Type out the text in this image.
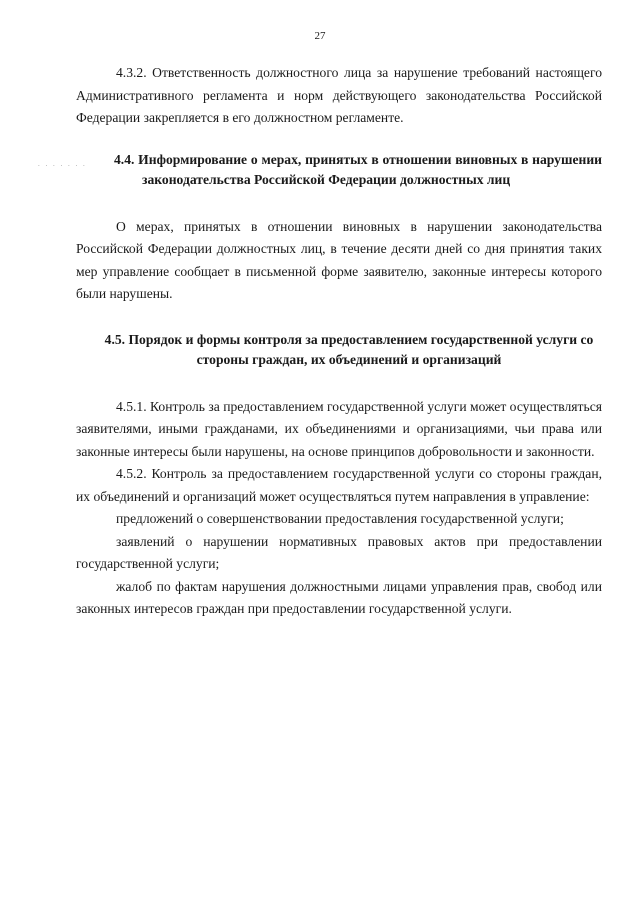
27
. . . . . . .

4.3.2. Ответственность должностного лица за нарушение требований настоящего Административного регламента и норм действующего законодательства Российской Федерации закрепляется в его должностном регламенте.

4.4. Информирование о мерах, принятых в отношении виновных в нарушении законодательства Российской Федерации должностных лиц

О мерах, принятых в отношении виновных в нарушении законодательства Российской Федерации должностных лиц, в течение десяти дней со дня принятия таких мер управление сообщает в письменной форме заявителю, законные интересы которого были нарушены.

4.5. Порядок и формы контроля за предоставлением государственной услуги со стороны граждан, их объединений и организаций

4.5.1. Контроль за предоставлением государственной услуги может осуществляться заявителями, иными гражданами, их объединениями и организациями, чьи права или законные интересы были нарушены, на основе принципов добровольности и законности.

4.5.2. Контроль за предоставлением государственной услуги со стороны граждан, их объединений и организаций может осуществляться путем направления в управление:

предложений о совершенствовании предоставления государственной услуги;

заявлений о нарушении нормативных правовых актов при предоставлении государственной услуги;

жалоб по фактам нарушения должностными лицами управления прав, свобод или законных интересов граждан при предоставлении государственной услуги.
